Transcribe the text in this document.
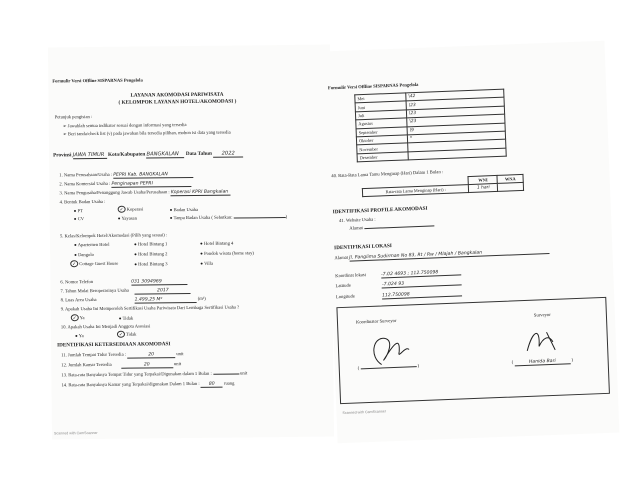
Formulir Versi Offline SISPARNAS Pengelola
LAYANAN AKOMODASI PARIWISATA
( KELOMPOK LAYANAN HOTEL/AKOMODASI )
Petunjuk pengisian :
➢ Jawablah semua indikator sesuai dengan informasi yang tersedia
➢ Beri tanda/check list (v) pada jawaban bila tersedia pilihan, mohon isi data yang tersedia
Provinsi JAWA TIMUR Kota/Kabupaten BANGKALAN Data Tahun 2022
1. Nama Perusahaan/Usaha : PEPRI Kab. BANGKALAN
2. Nama Komersial Usaha : Penginapan PEPRI
3. Nama Pengusaha/Penanggung Jawab Usaha/Perusahaan : Koperasi KPRI Bangkalan
4. Bentuk Badan Usaha :
● PT	✓ Koperasi	● Badan Usaha
● CV	● Yayasan	● Tanpa Badan Usaha ( Sebutkan:	)
5. Kelas/Kelompok Hotel/Akomodasi (Pilih yang sesuai) :
● Apartemen Hotel	● Hotel Bintang 1	● Hotel Bintang 4
● Dangolo	● Hotel Bintang 2	● Pondok wisata (home stay)
✓ Cottage Guest House	● Hotel Bintang 3	● Villa
6. Nomor Telefon	031 3094969
7. Tahun Mulai Beroperasinya Usaha	2017
8. Luas Area Usaha	1.499,25 M²	(m²)
9. Apakah Usaha Ini Memperoleh Sertifikasi Usaha Pariwisata Dari Lembaga Sertifikasi Usaha ?
✓ Ya	● Tidak
10. Apakah Usaha Ini Menjadi Anggota Asosiasi
● Ya	✓ Tidak
IDENTIFIKASI KETERSEDIAAN AKOMODASI
11. Jumlah Tempat Tidur Tersedia :	20	unit
12. Jumlah Kamar Tersedia	20	unit
13. Rata-rata Banyaknya Tempat Tidur yang Terpakai/Digunakan dalam 1 Bulan :	unit
14. Rata-rata Banyaknya Kamar yang Terpakai/digunakan Dalam 1 Bulan : 80 ruang
Scanned with CamScanner
Formulir Versi Offline SISPARNAS Pengelola
Mei	\42
Juni	\23
Juli	\23
Agustus	\23
September	\9
Oktober	*
November	
Desember	
40. Rata-Rata Lama Tamu Menginap (Hari) Dalam 1 Bulan :
	WNI	WNA
Rata-rata Lama Menginap (Hari) :	1 hari	
IDENTIFIKASI PROFILE AKOMODASI
41. Website Usaha :
Alamat
IDENTIFIKASI LOKASI
Alamat Jl. Panglima Sudirman No 83, Rt / Rw / Mlajah / Bangkalan
Koordinat lokasi	-7.02 4693 ; 112.750098
Latitude	-7.024 93
Longitude	112.750098
Koordinator Surveyor
Surveyor
(	)
(	Hanida Bari	)
Scanned with CamScanner
